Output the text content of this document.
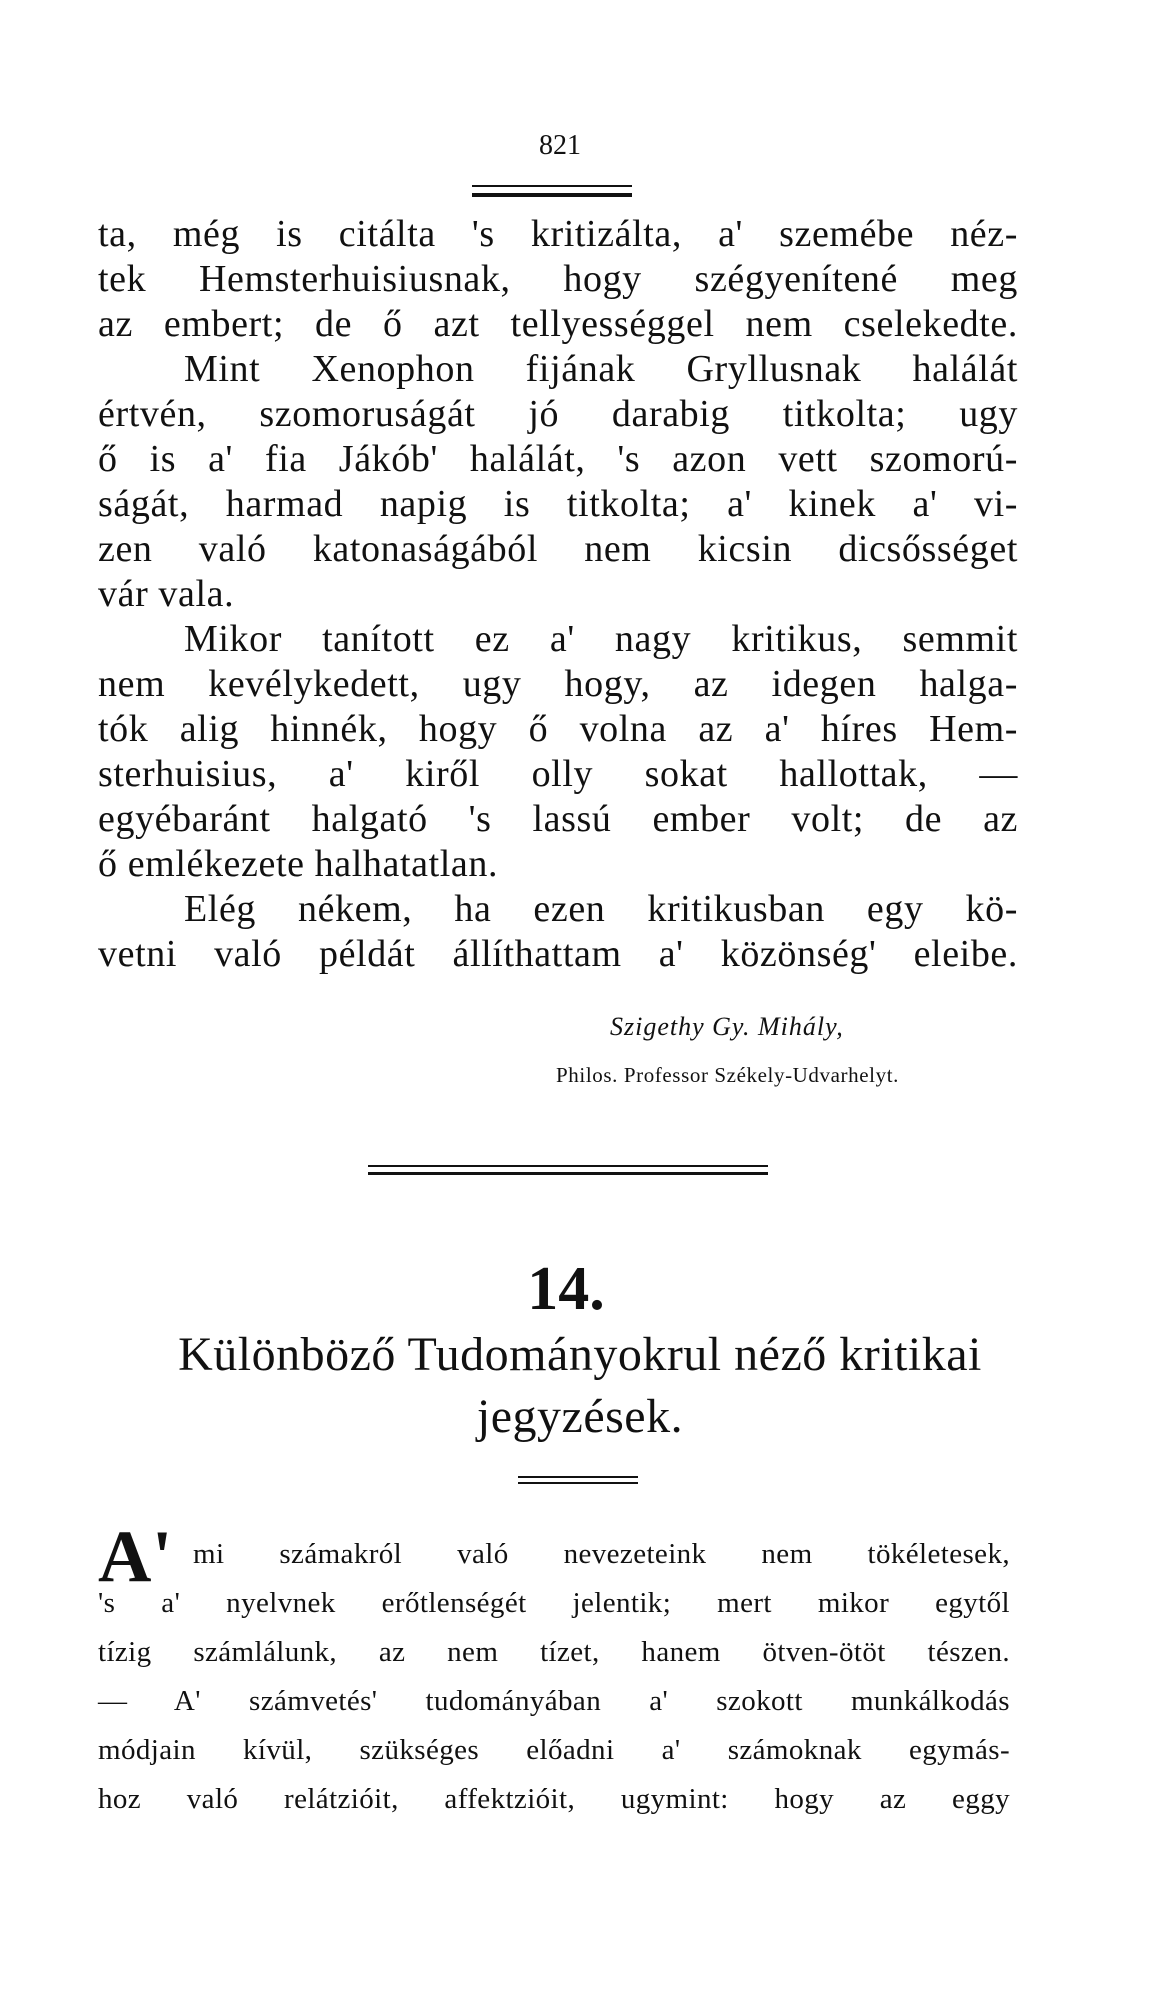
821
ta, még is citálta 's kritizálta, a' szemébe néz-
tek Hemsterhuisiusnak, hogy szégyenítené meg
az embert; de ő azt tellyességgel nem cselekedte.
Mint Xenophon fijának Gryllusnak halálát
értvén, szomoruságát jó darabig titkolta; ugy
ő is a' fia Jákób' halálát, 's azon vett szomorú-
ságát, harmad napig is titkolta; a' kinek a' vi-
zen való katonaságából nem kicsin dicsősséget
vár vala.
Mikor tanított ez a' nagy kritikus, semmit
nem kevélykedett, ugy hogy, az idegen halga-
tók alig hinnék, hogy ő volna az a' híres Hem-
sterhuisius, a' kiről olly sokat hallottak, —
egyébaránt halgató 's lassú ember volt; de az
ő emlékezete halhatatlan.
Elég nékem, ha ezen kritikusban egy kö-
vetni való példát állíthattam a' közönség' eleibe.
Szigethy Gy. Mihály,
Philos. Professor Székely-Udvarhelyt.
14.
Különböző Tudományokrul néző kritikai
jegyzések.
A' mi számakról való nevezeteink nem tökéletesek,
's a' nyelvnek erőtlenségét jelentik; mert mikor egytől
tízig számlálunk, az nem tízet, hanem ötven-ötöt tészen.
— A' számvetés' tudományában a' szokott munkálkodás
módjain kívül, szükséges előadni a' számoknak egymás-
hoz való relátzióit, affektzióit, ugymint: hogy az eggy
